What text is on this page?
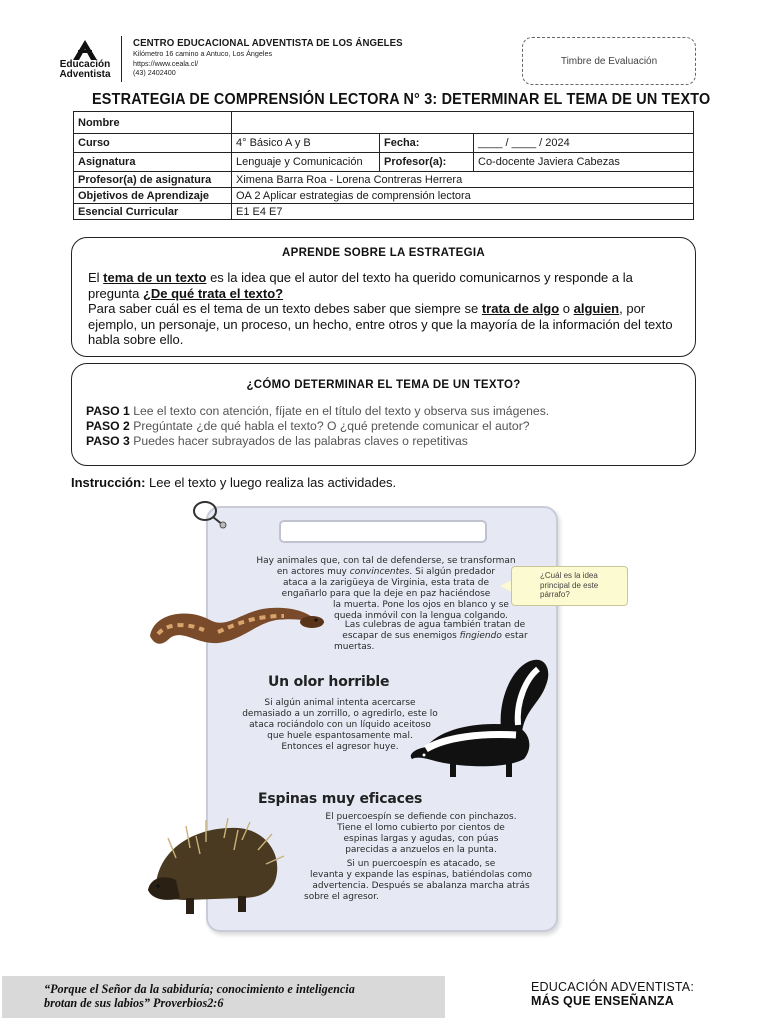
Educación
Adventista
CENTRO EDUCACIONAL ADVENTISTA DE LOS ÁNGELES
Kilómetro 16 camino a Antuco, Los Ángeles
https://www.ceala.cl/
(43) 2402400
Timbre de Evaluación
ESTRATEGIA DE COMPRENSIÓN LECTORA N° 3: DETERMINAR EL TEMA DE UN TEXTO
Nombre			
Curso	4° Básico A y B	Fecha:	____ / ____ / 2024
Asignatura	Lenguaje y Comunicación	Profesor(a):	Co-docente Javiera Cabezas
Profesor(a) de asignatura	Ximena Barra Roa - Lorena Contreras Herrera		
Objetivos de Aprendizaje	OA 2 Aplicar estrategias de comprensión lectora		
Esencial Curricular	E1 E4 E7		
APRENDE SOBRE LA ESTRATEGIA
El tema de un texto es la idea que el autor del texto ha querido comunicarnos y responde a la pregunta ¿De qué trata el texto?
Para saber cuál es el tema de un texto debes saber que siempre se trata de algo o alguien, por ejemplo, un personaje, un proceso, un hecho, entre otros y que la mayoría de la información del texto habla sobre ello.
¿CÓMO DETERMINAR EL TEMA DE UN TEXTO?
PASO 1 Lee el texto con atención, fíjate en el título del texto y observa sus imágenes.
PASO 2 Pregúntate ¿de qué habla el texto? O ¿qué pretende comunicar el autor?
PASO 3 Puedes hacer subrayados de las palabras claves o repetitivas
Instrucción: Lee el texto y luego realiza las actividades.
Hay animales que, con tal de defenderse, se transforman
en actores muy convincentes. Si algún predador
ataca a la zarigüeya de Virginia, esta trata de
engañarlo para que la deje en paz haciéndose
la muerta. Pone los ojos en blanco y se
queda inmóvil con la lengua colgando.
¿Cuál es la idea principal de este párrafo?
Las culebras de agua también tratan de
escapar de sus enemigos fingiendo estar
muertas.
Un olor horrible
Si algún animal intenta acercarse
demasiado a un zorrillo, o agredirlo, este lo
ataca rociándolo con un líquido aceitoso
que huele espantosamente mal.
Entonces el agresor huye.
Espinas muy eficaces
El puercoespín se defiende con pinchazos.
Tiene el lomo cubierto por cientos de
espinas largas y agudas, con púas
parecidas a anzuelos en la punta.
Si un puercoespín es atacado, se
levanta y expande las espinas, batiéndolas como
advertencia. Después se abalanza marcha atrás
sobre el agresor.
“Porque el Señor da la sabiduría; conocimiento e inteligencia
brotan de sus labios” Proverbios2:6
EDUCACIÓN ADVENTISTA:
MÁS QUE ENSEÑANZA
